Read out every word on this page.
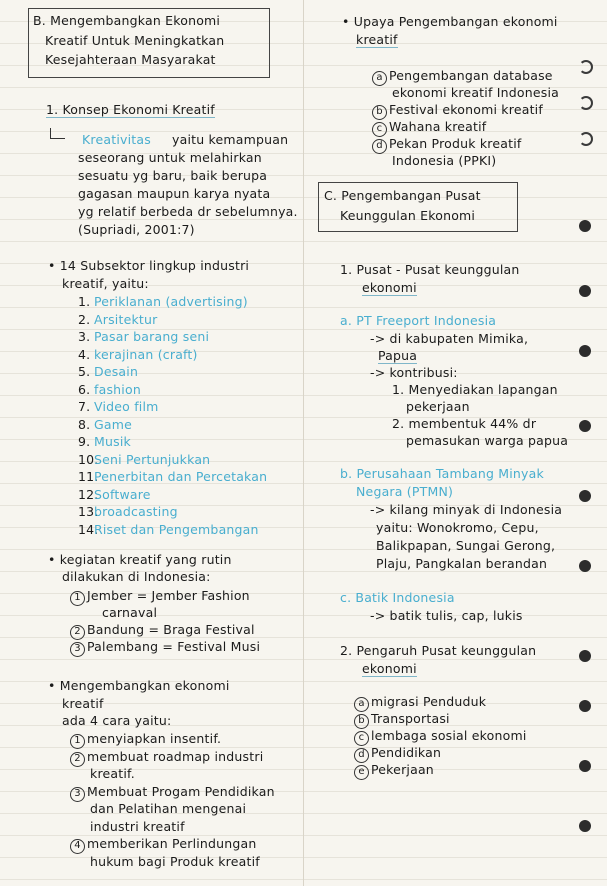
B. Mengembangkan Ekonomi
Kreatif Untuk Meningkatkan
Kesejahteraan Masyarakat
1. Konsep Ekonomi Kreatif
Kreativitas yaitu kemampuan
seseorang untuk melahirkan
sesuatu yg baru, baik berupa
gagasan maupun karya nyata
yg relatif berbeda dr sebelumnya.
(Supriadi, 2001:7)
• 14 Subsektor lingkup industri
kreatif, yaitu:
• kegiatan kreatif yang rutin
dilakukan di Indonesia:
• Mengembangkan ekonomi
kreatif
ada 4 cara yaitu:
• Upaya Pengembangan ekonomi
kreatif
C. Pengembangan Pusat
Keunggulan Ekonomi
1. Pusat - Pusat keunggulan
ekonomi
a. PT Freeport Indonesia
-> di kabupaten Mimika,
Papua
-> kontribusi:
1. Menyediakan lapangan
pekerjaan
2. membentuk 44% dr
pemasukan warga papua
b. Perusahaan Tambang Minyak
Negara (PTMN)
-> kilang minyak di Indonesia
yaitu: Wonokromo, Cepu,
Balikpapan, Sungai Gerong,
Plaju, Pangkalan berandan
c. Batik Indonesia
-> batik tulis, cap, lukis
2. Pengaruh Pusat keunggulan
ekonomi
1. Periklanan (advertising)
2. Arsitektur
3. Pasar barang seni
4. kerajinan (craft)
5. Desain
6. fashion
7. Video film
8. Game
9. Musik
10.
Seni Pertunjukkan
11.
Penerbitan dan Percetakan
12.
Software
13.
broadcasting
14.
Riset dan Pengembangan
1 Jember = Jember Fashion
carnaval
2 Bandung = Braga Festival
3 Palembang = Festival Musi
1 menyiapkan insentif.
2 membuat roadmap industri
kreatif.
3 Membuat Progam Pendidikan
dan Pelatihan mengenai
industri kreatif
4 memberikan Perlindungan
hukum bagi Produk kreatif
a Pengembangan database
ekonomi kreatif Indonesia
b Festival ekonomi kreatif
c Wahana kreatif
d Pekan Produk kreatif
Indonesia (PPKI)
a migrasi Penduduk
b Transportasi
c lembaga sosial ekonomi
d Pendidikan
e Pekerjaan
